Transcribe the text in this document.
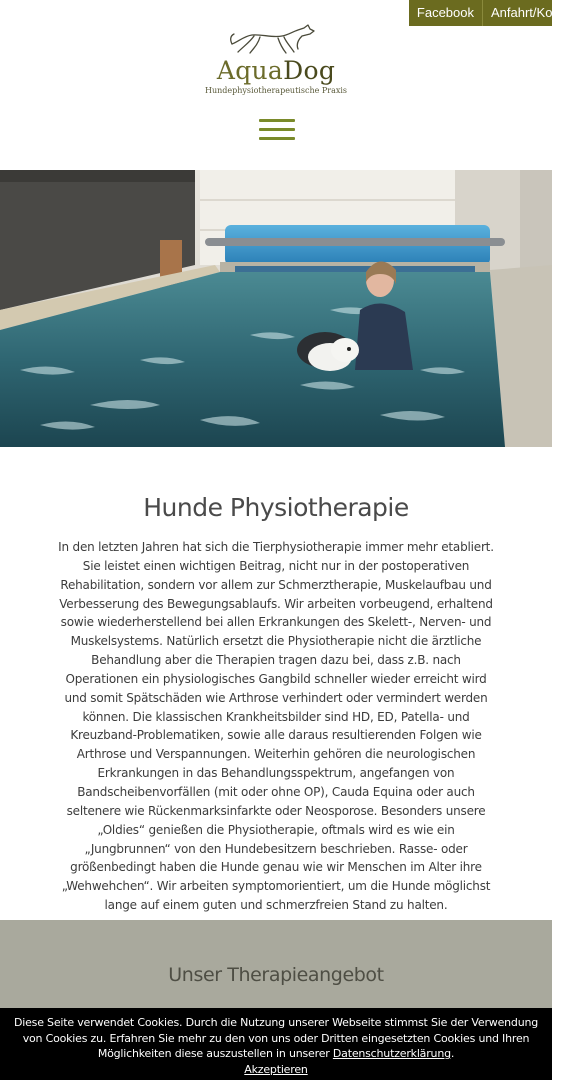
Facebook	Anfahrt/Kont
AquaDog
Hundephysiotherapeutische Praxis
Hunde Physiotherapie

In den letzten Jahren hat sich die Tierphysiotherapie immer mehr etabliert. Sie leistet einen wichtigen Beitrag, nicht nur in der postoperativen Rehabilitation, sondern vor allem zur Schmerztherapie, Muskelaufbau und Verbesserung des Bewegungsablaufs. Wir arbeiten vorbeugend, erhaltend sowie wiederherstellend bei allen Erkrankungen des Skelett-, Nerven- und Muskelsystems. Natürlich ersetzt die Physiotherapie nicht die ärztliche Behandlung aber die Therapien tragen dazu bei, dass z.B. nach Operationen ein physiologisches Gangbild schneller wieder erreicht wird und somit Spätschäden wie Arthrose verhindert oder vermindert werden können. Die klassischen Krankheitsbilder sind HD, ED, Patella- und Kreuzband-Problematiken, sowie alle daraus resultierenden Folgen wie Arthrose und Verspannungen. Weiterhin gehören die neurologischen Erkrankungen in das Behandlungsspektrum, angefangen von Bandscheibenvorfällen (mit oder ohne OP), Cauda Equina oder auch seltenere wie Rückenmarksinfarkte oder Neosporose. Besonders unsere „Oldies“ genießen die Physiotherapie, oftmals wird es wie ein „Jungbrunnen“ von den Hundebesitzern beschrieben. Rasse- oder größenbedingt haben die Hunde genau wie wir Menschen im Alter ihre „Wehwehchen“. Wir arbeiten symptomorientiert, um die Hunde möglichst lange auf einem guten und schmerzfreien Stand zu halten.

Unser Therapieangebot
Diese Seite verwendet Cookies. Durch die Nutzung unserer Webseite stimmst Sie der Verwendung von Cookies zu. Erfahren Sie mehr zu den von uns oder Dritten eingesetzten Cookies und Ihren Möglichkeiten diese auszustellen in unserer Datenschutzerklärung.
Akzeptieren
